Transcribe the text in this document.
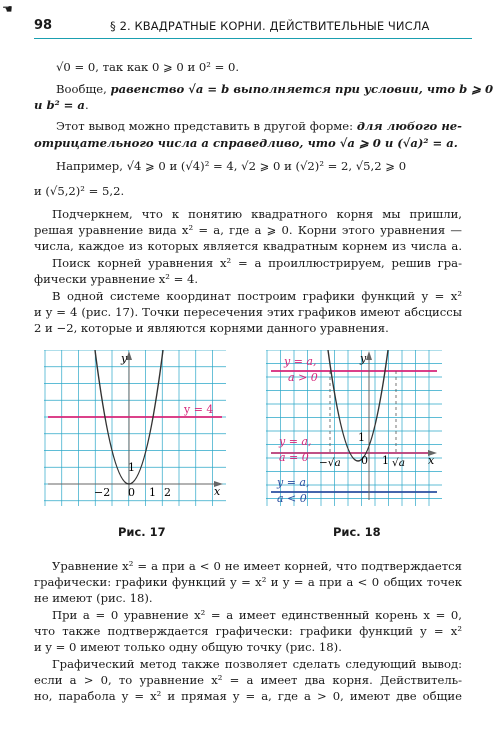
☚
98	§ 2. КВАДРАТНЫЕ КОРНИ. ДЕЙСТВИТЕЛЬНЫЕ ЧИСЛА
√0 = 0, так как 0 ⩾ 0 и 0² = 0.
Вообще, равенство √a = b выполняется при условии, что b ⩾ 0
и b² = a.
Этот вывод можно представить в другой форме: для любого не-
отрицательного числа a справедливо, что √a ⩾ 0 и (√a)² = a.
Например, √4 ⩾ 0 и (√4)² = 4, √2 ⩾ 0 и (√2)² = 2, √5,2 ⩾ 0
и (√5,2)² = 5,2.
Подчеркнем, что к понятию квадратного корня мы пришли,
решая уравнение вида x² = a, где a ⩾ 0. Корни этого уравнения —
числа, каждое из которых является квадратным корнем из числа a.
Поиск корней уравнения x² = a проиллюстрируем, решив гра-
фически уравнение x² = 4.
В одной системе координат построим графики функций y = x²
и y = 4 (рис. 17). Точки пересечения этих графиков имеют абсциссы
2 и −2, которые и являются корнями данного уравнения.
y
x
y = 4
1
−2 0 1 2
Рис. 17
y
x
y = a,
a > 0
y = a,
a = 0
y = a,
a < 0
−√a	√a
0 1
1
Рис. 18
Уравнение x² = a при a < 0 не имеет корней, что подтверждается
графически: графики функций y = x² и y = a при a < 0 общих точек
не имеют (рис. 18).
При a = 0 уравнение x² = a имеет единственный корень x = 0,
что также подтверждается графически: графики функций y = x²
и y = 0 имеют только одну общую точку (рис. 18).
Графический метод также позволяет сделать следующий вывод:
если a > 0, то уравнение x² = a имеет два корня. Действитель-
но, парабола y = x² и прямая y = a, где a > 0, имеют две общие
